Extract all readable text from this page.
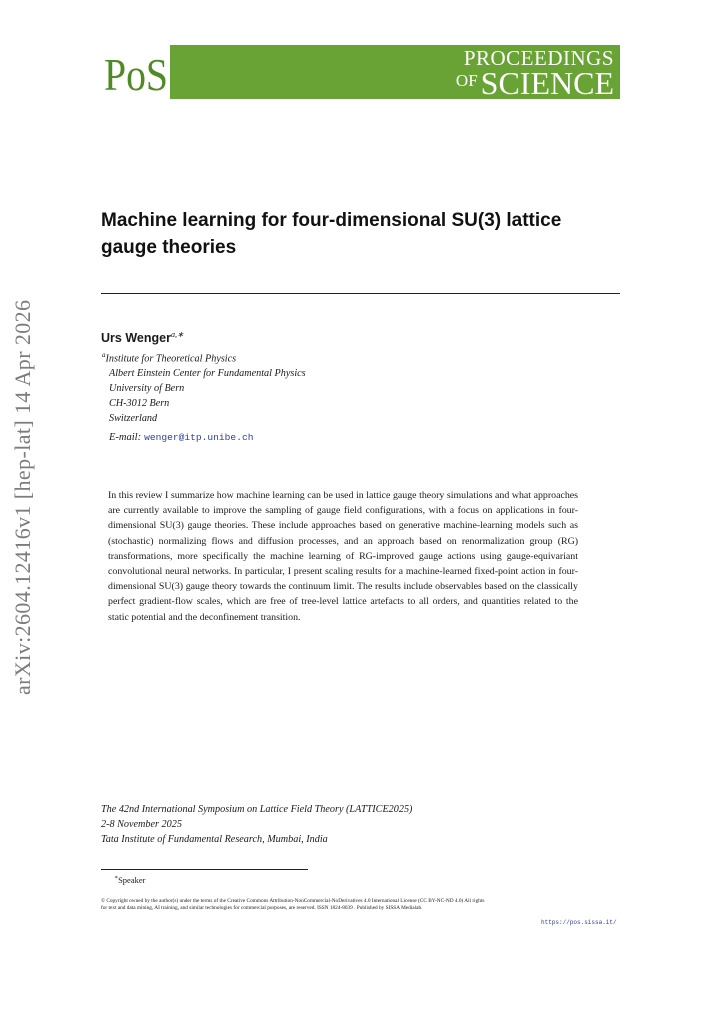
PoS	PROCEEDINGS
OFSCIENCE
arXiv:2604.12416v1 [hep-lat] 14 Apr 2026
Machine learning for four-dimensional SU(3) lattice
gauge theories
Urs Wenger$^{a,∗}$
$^a$Institute for Theoretical Physics
Albert Einstein Center for Fundamental Physics
University of Bern
CH-3012 Bern
Switzerland
E-mail: wenger@itp.unibe.ch

In this review I summarize how machine learning can be used in lattice gauge theory simulations and what approaches are currently available to improve the sampling of gauge field configurations, with a focus on applications in four-dimensional SU(3) gauge theories. These include approaches based on generative machine-learning models such as (stochastic) normalizing flows and diffusion processes, and an approach based on renormalization group (RG) transformations, more specifically the machine learning of RG-improved gauge actions using gauge-equivariant convolutional neural networks. In particular, I present scaling results for a machine-learned fixed-point action in four-dimensional SU(3) gauge theory towards the continuum limit. The results include observables based on the classically perfect gradient-flow scales, which are free of tree-level lattice artefacts to all orders, and quantities related to the static potential and the deconfinement transition.

The 42nd International Symposium on Lattice Field Theory (LATTICE2025)
2-8 November 2025
Tata Institute of Fundamental Research, Mumbai, India
∗Speaker
© Copyright owned by the author(s) under the terms of the Creative Commons Attribution-NonCommercial-NoDerivatives 4.0 International License (CC BY-NC-ND 4.0) All rights for text and data mining, AI training, and similar technologies for commercial purposes, are reserved. ISSN 1824-8039 . Published by SISSA Medialab.
https://pos.sissa.it/
